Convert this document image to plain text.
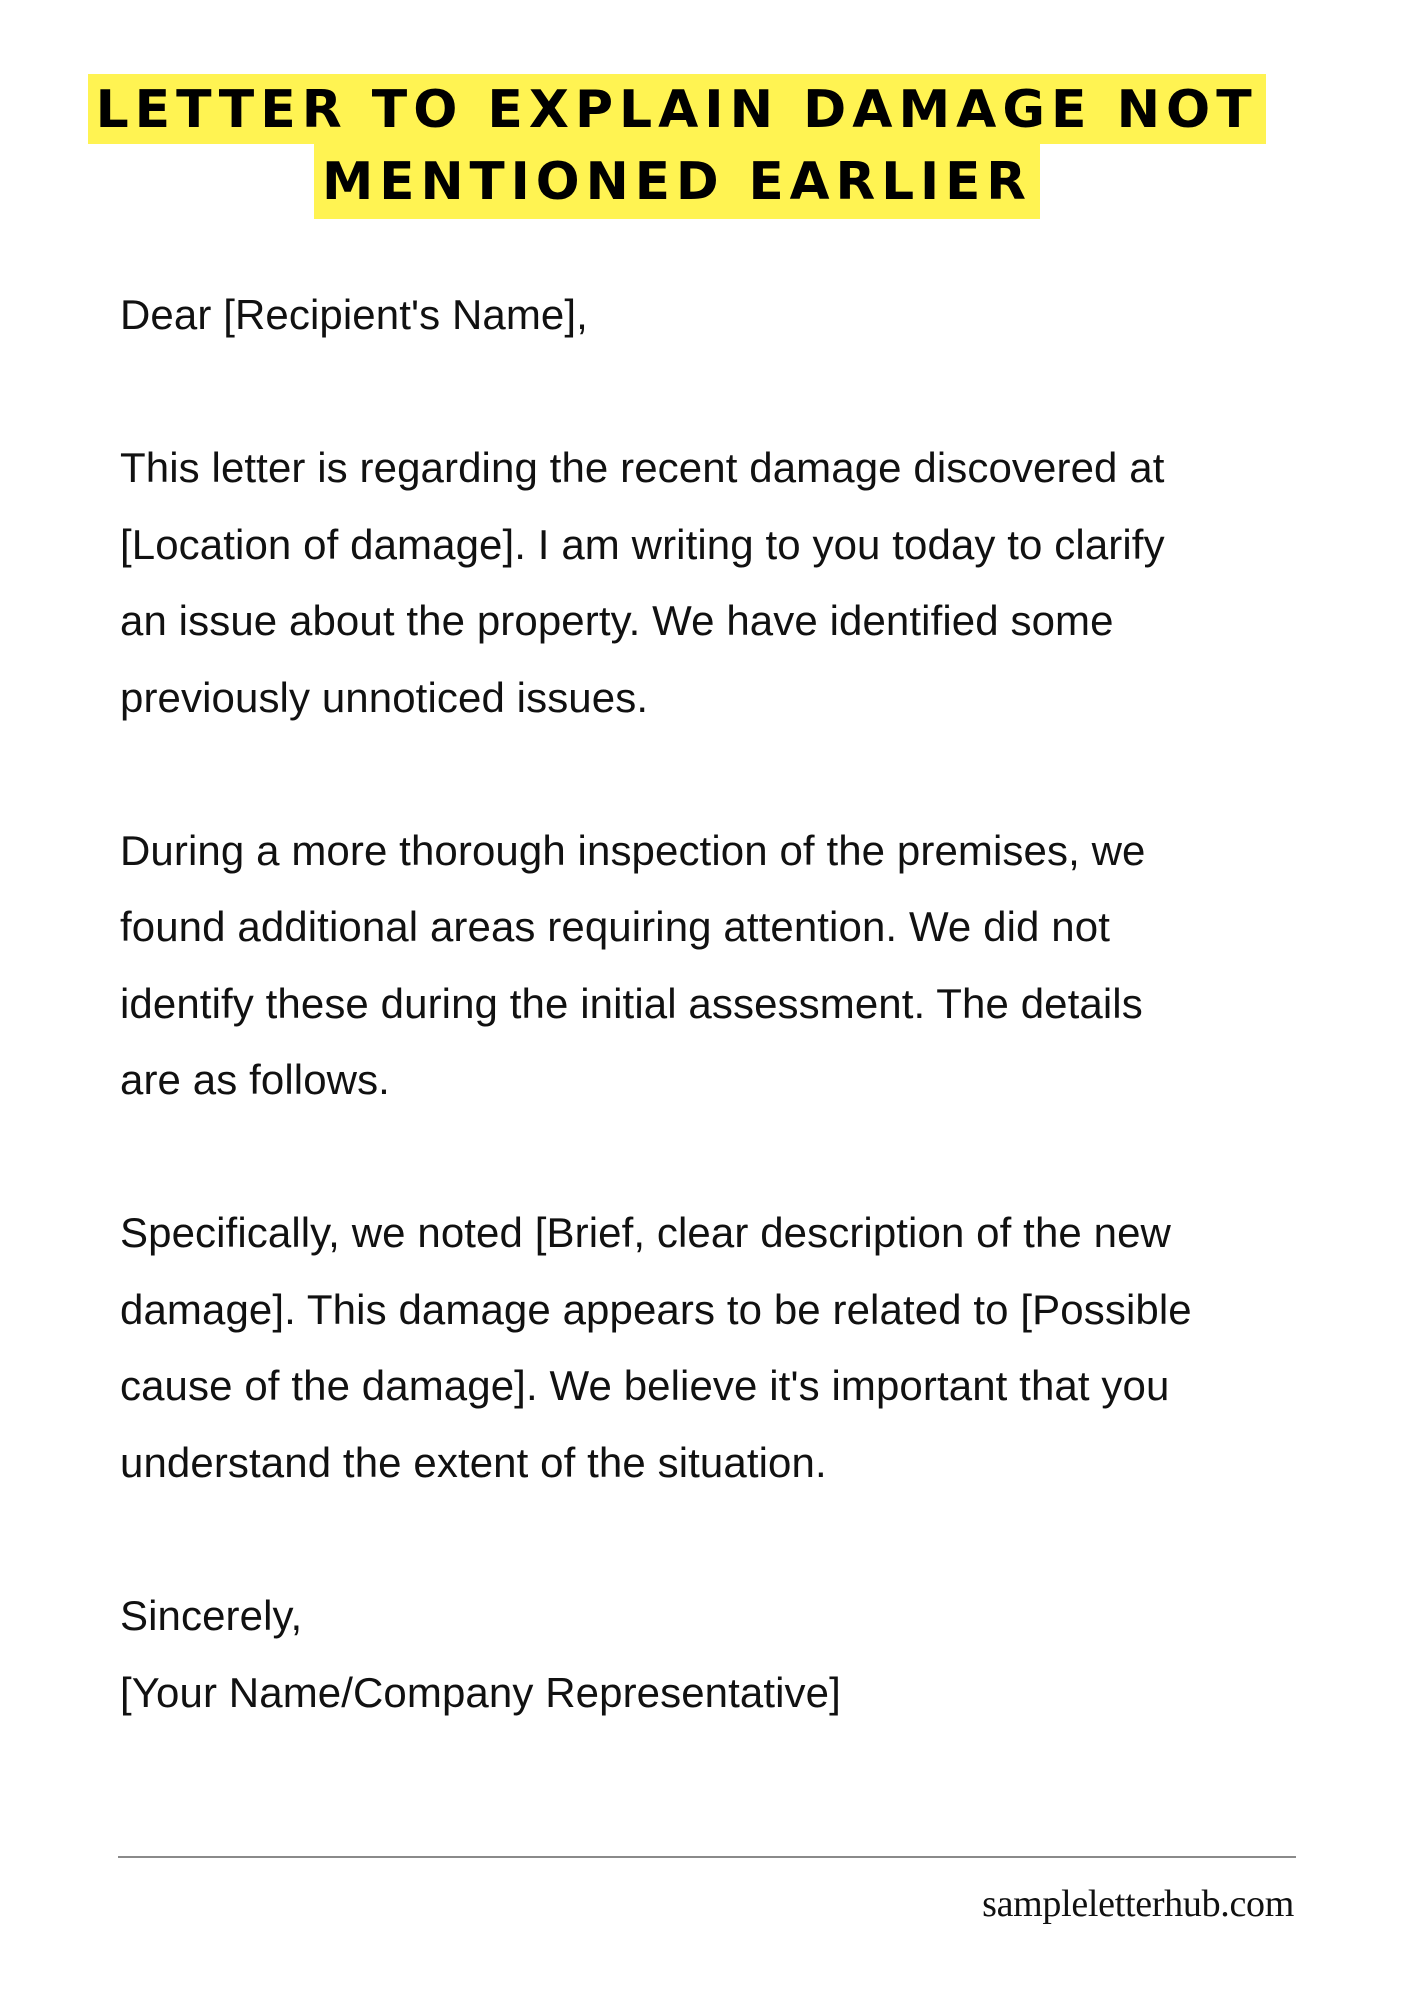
LETTER TO EXPLAIN DAMAGE NOT
MENTIONED EARLIER
Dear [Recipient's Name],
This letter is regarding the recent damage discovered at
[Location of damage]. I am writing to you today to clarify
an issue about the property. We have identified some
previously unnoticed issues.
During a more thorough inspection of the premises, we
found additional areas requiring attention. We did not
identify these during the initial assessment. The details
are as follows.
Specifically, we noted [Brief, clear description of the new
damage]. This damage appears to be related to [Possible
cause of the damage]. We believe it's important that you
understand the extent of the situation.
Sincerely,
[Your Name/Company Representative]
sampleletterhub.com
